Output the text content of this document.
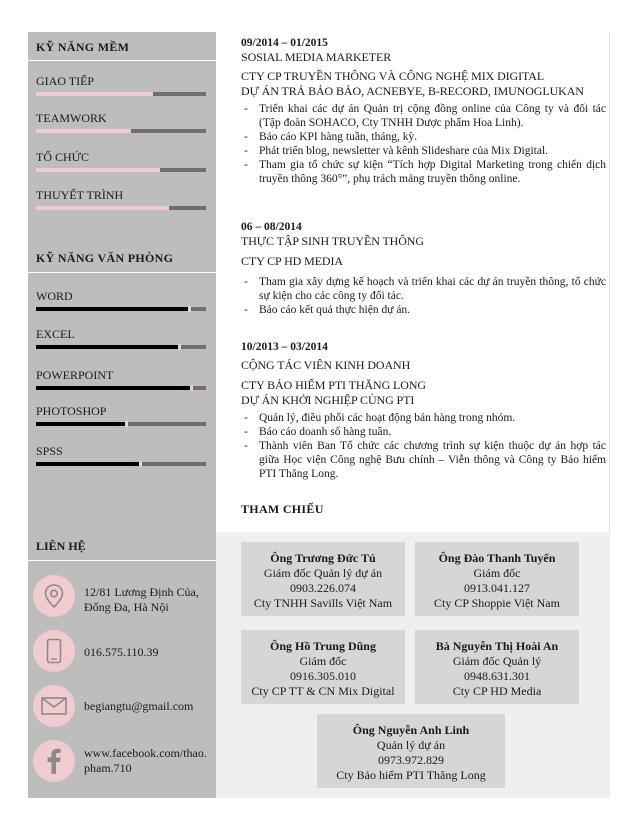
KỸ NĂNG MỀM
GIAO TIẾP
TEAMWORK
TỔ CHỨC
THUYẾT TRÌNH
KỸ NĂNG VĂN PHÒNG
WORD
EXCEL
POWERPOINT
PHOTOSHOP
SPSS
LIÊN HỆ
12/81 Lương Định Của,
Đống Đa, Hà Nội
016.575.110.39
begiangtu@gmail.com
www.facebook.com/thao.
pham.710
09/2014 – 01/2015
SOSIAL MEDIA MARKETER
CTY CP TRUYỀN THÔNG VÀ CÔNG NGHỆ MIX DIGITAL
DỰ ÁN TRẢ BẢO BẢO, ACNEBYE, B-RECORD, IMUNOGLUKAN
- Triển khai các dự án Quản trị cộng đồng online của Công ty và đối tác (Tập đoàn SOHACO, Cty TNHH Dược phẩm Hoa Linh).
- Báo cáo KPI hàng tuần, tháng, kỳ.
- Phát triển blog, newsletter và kênh Slideshare của Mix Digital.
- Tham gia tổ chức sự kiện “Tích hợp Digital Marketing trong chiến dịch truyền thông 360°”, phụ trách mảng truyền thông online.
06 – 08/2014
THỰC TẬP SINH TRUYỀN THÔNG
CTY CP HD MEDIA
- Tham gia xây dựng kế hoạch và triển khai các dự án truyền thông, tổ chức sự kiện cho các công ty đối tác.
- Báo cáo kết quả thực hiện dự án.
10/2013 – 03/2014
CỘNG TÁC VIÊN KINH DOANH
CTY BẢO HIỂM PTI THĂNG LONG
DỰ ÁN KHỞI NGHIỆP CÙNG PTI
- Quản lý, điều phối các hoạt động bán hàng trong nhóm.
- Báo cáo doanh số hàng tuần.
- Thành viên Ban Tổ chức các chương trình sự kiện thuộc dự án hợp tác giữa Học viện Công nghệ Bưu chính – Viễn thông và Công ty Bảo hiểm PTI Thăng Long.
THAM CHIẾU
Ông Trương Đức Tú
Giám đốc Quản lý dự án
0903.226.074
Cty TNHH Savills Việt Nam
Ông Đào Thanh Tuyển
Giám đốc
0913.041.127
Cty CP Shoppie Việt Nam
Ông Hồ Trung Dũng
Giám đốc
0916.305.010
Cty CP TT & CN Mix Digital
Bà Nguyễn Thị Hoài An
Giám đốc Quản lý
0948.631.301
Cty CP HD Media
Ông Nguyễn Anh Linh
Quản lý dự án
0973.972.829
Cty Bảo hiểm PTI Thăng Long
